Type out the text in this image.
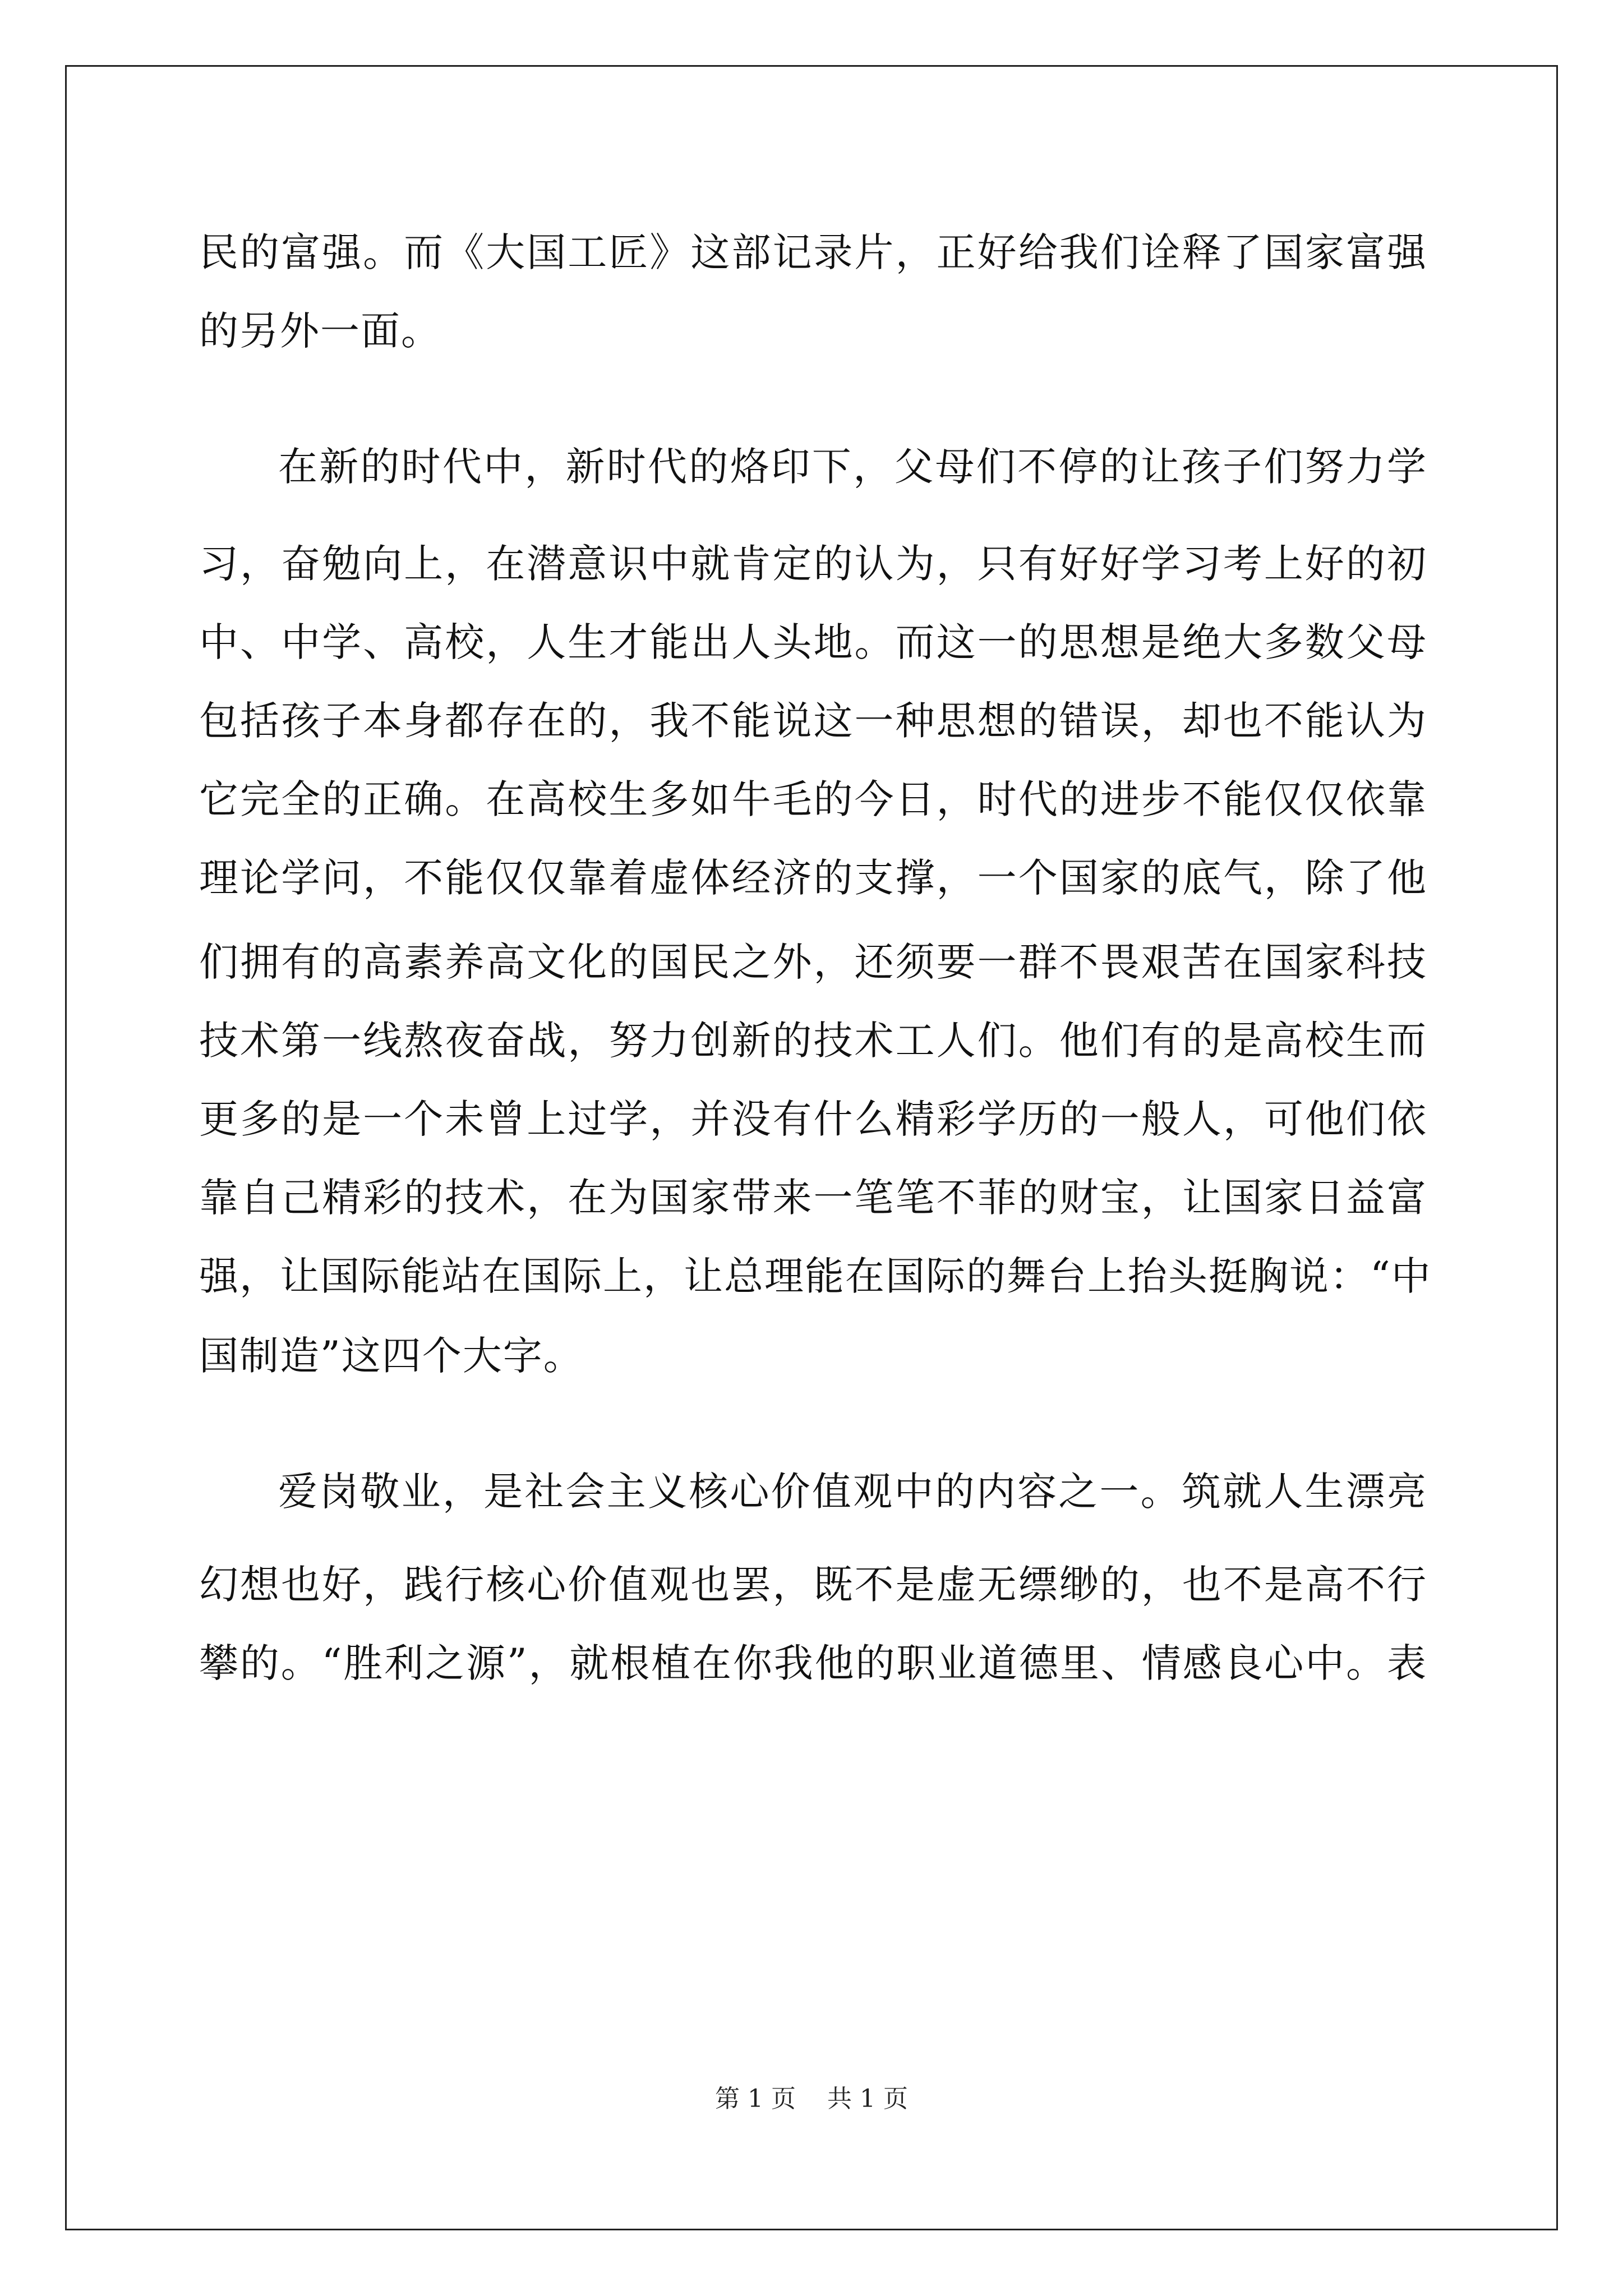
民的富强。而《大国工匠》这部记录片，正好给我们诠释了国家富强
的另外一面。
在新的时代中，新时代的烙印下，父母们不停的让孩子们努力学
习，奋勉向上，在潜意识中就肯定的认为，只有好好学习考上好的初
中、中学、高校，人生才能出人头地。而这一的思想是绝大多数父母
包括孩子本身都存在的，我不能说这一种思想的错误，却也不能认为
它完全的正确。在高校生多如牛毛的今日，时代的进步不能仅仅依靠
理论学问，不能仅仅靠着虚体经济的支撑，一个国家的底气，除了他
们拥有的高素养高文化的国民之外，还须要一群不畏艰苦在国家科技
技术第一线熬夜奋战，努力创新的技术工人们。他们有的是高校生而
更多的是一个未曾上过学，并没有什么精彩学历的一般人，可他们依
靠自己精彩的技术，在为国家带来一笔笔不菲的财宝，让国家日益富
强，让国际能站在国际上，让总理能在国际的舞台上抬头挺胸说：“中
国制造”这四个大字。
爱岗敬业，是社会主义核心价值观中的内容之一。筑就人生漂亮
幻想也好，践行核心价值观也罢，既不是虚无缥缈的，也不是高不行
攀的。“胜利之源”，就根植在你我他的职业道德里、情感良心中。表
第 1 页 共 1 页
